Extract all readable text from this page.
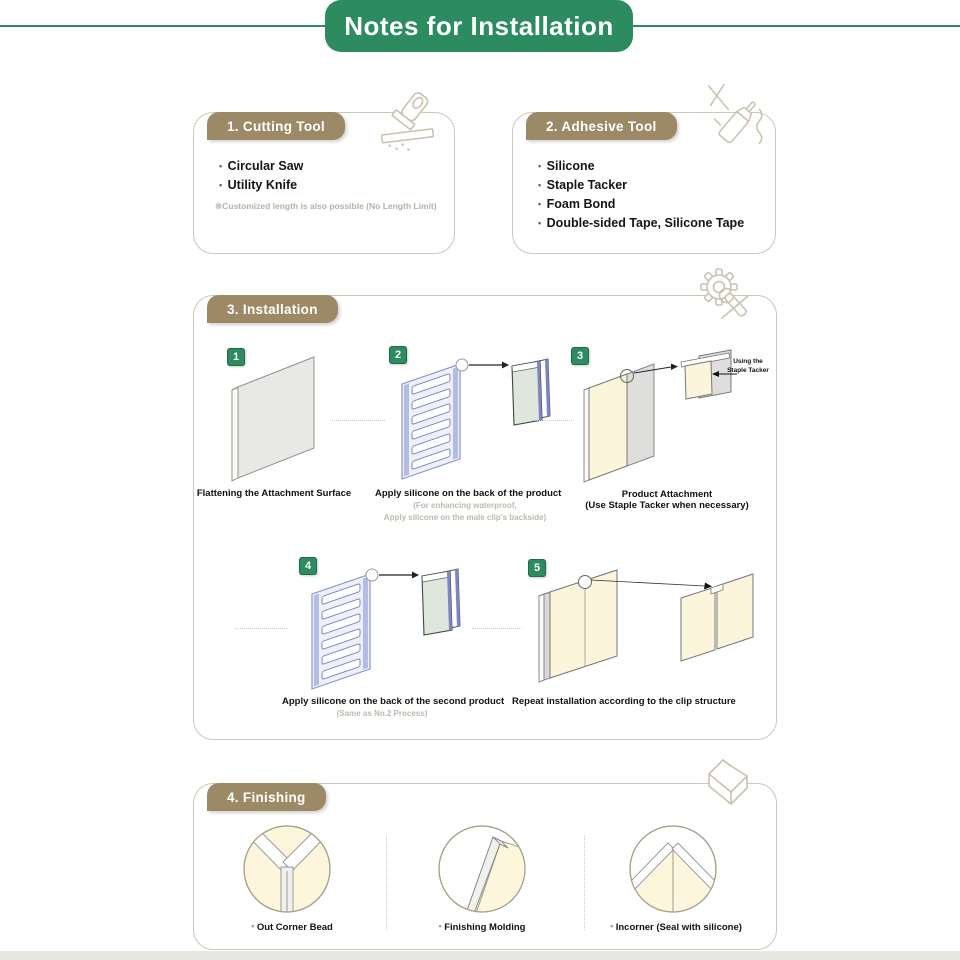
Notes for Installation
1. Cutting Tool
• Circular Saw
• Utility Knife
※Customized length is also possible (No Length Limit)
2. Adhesive Tool
• Silicone
• Staple Tacker
• Foam Bond
• Double-sided Tape, Silicone Tape
3. Installation
1	2	3
4	5
Using the
Staple Tacker
Flattening the Attachment Surface	Apply silicone on the back of the product
(For enhancing waterproof,
Apply silicone on the male clip's backside)
Product Attachment
(Use Staple Tacker when necessary)
Apply silicone on the back of the second product
(Same as No.2 Process)
Repeat installation according to the clip structure
4. Finishing
• Out Corner Bead	• Finishing Molding	• Incorner (Seal with silicone)
